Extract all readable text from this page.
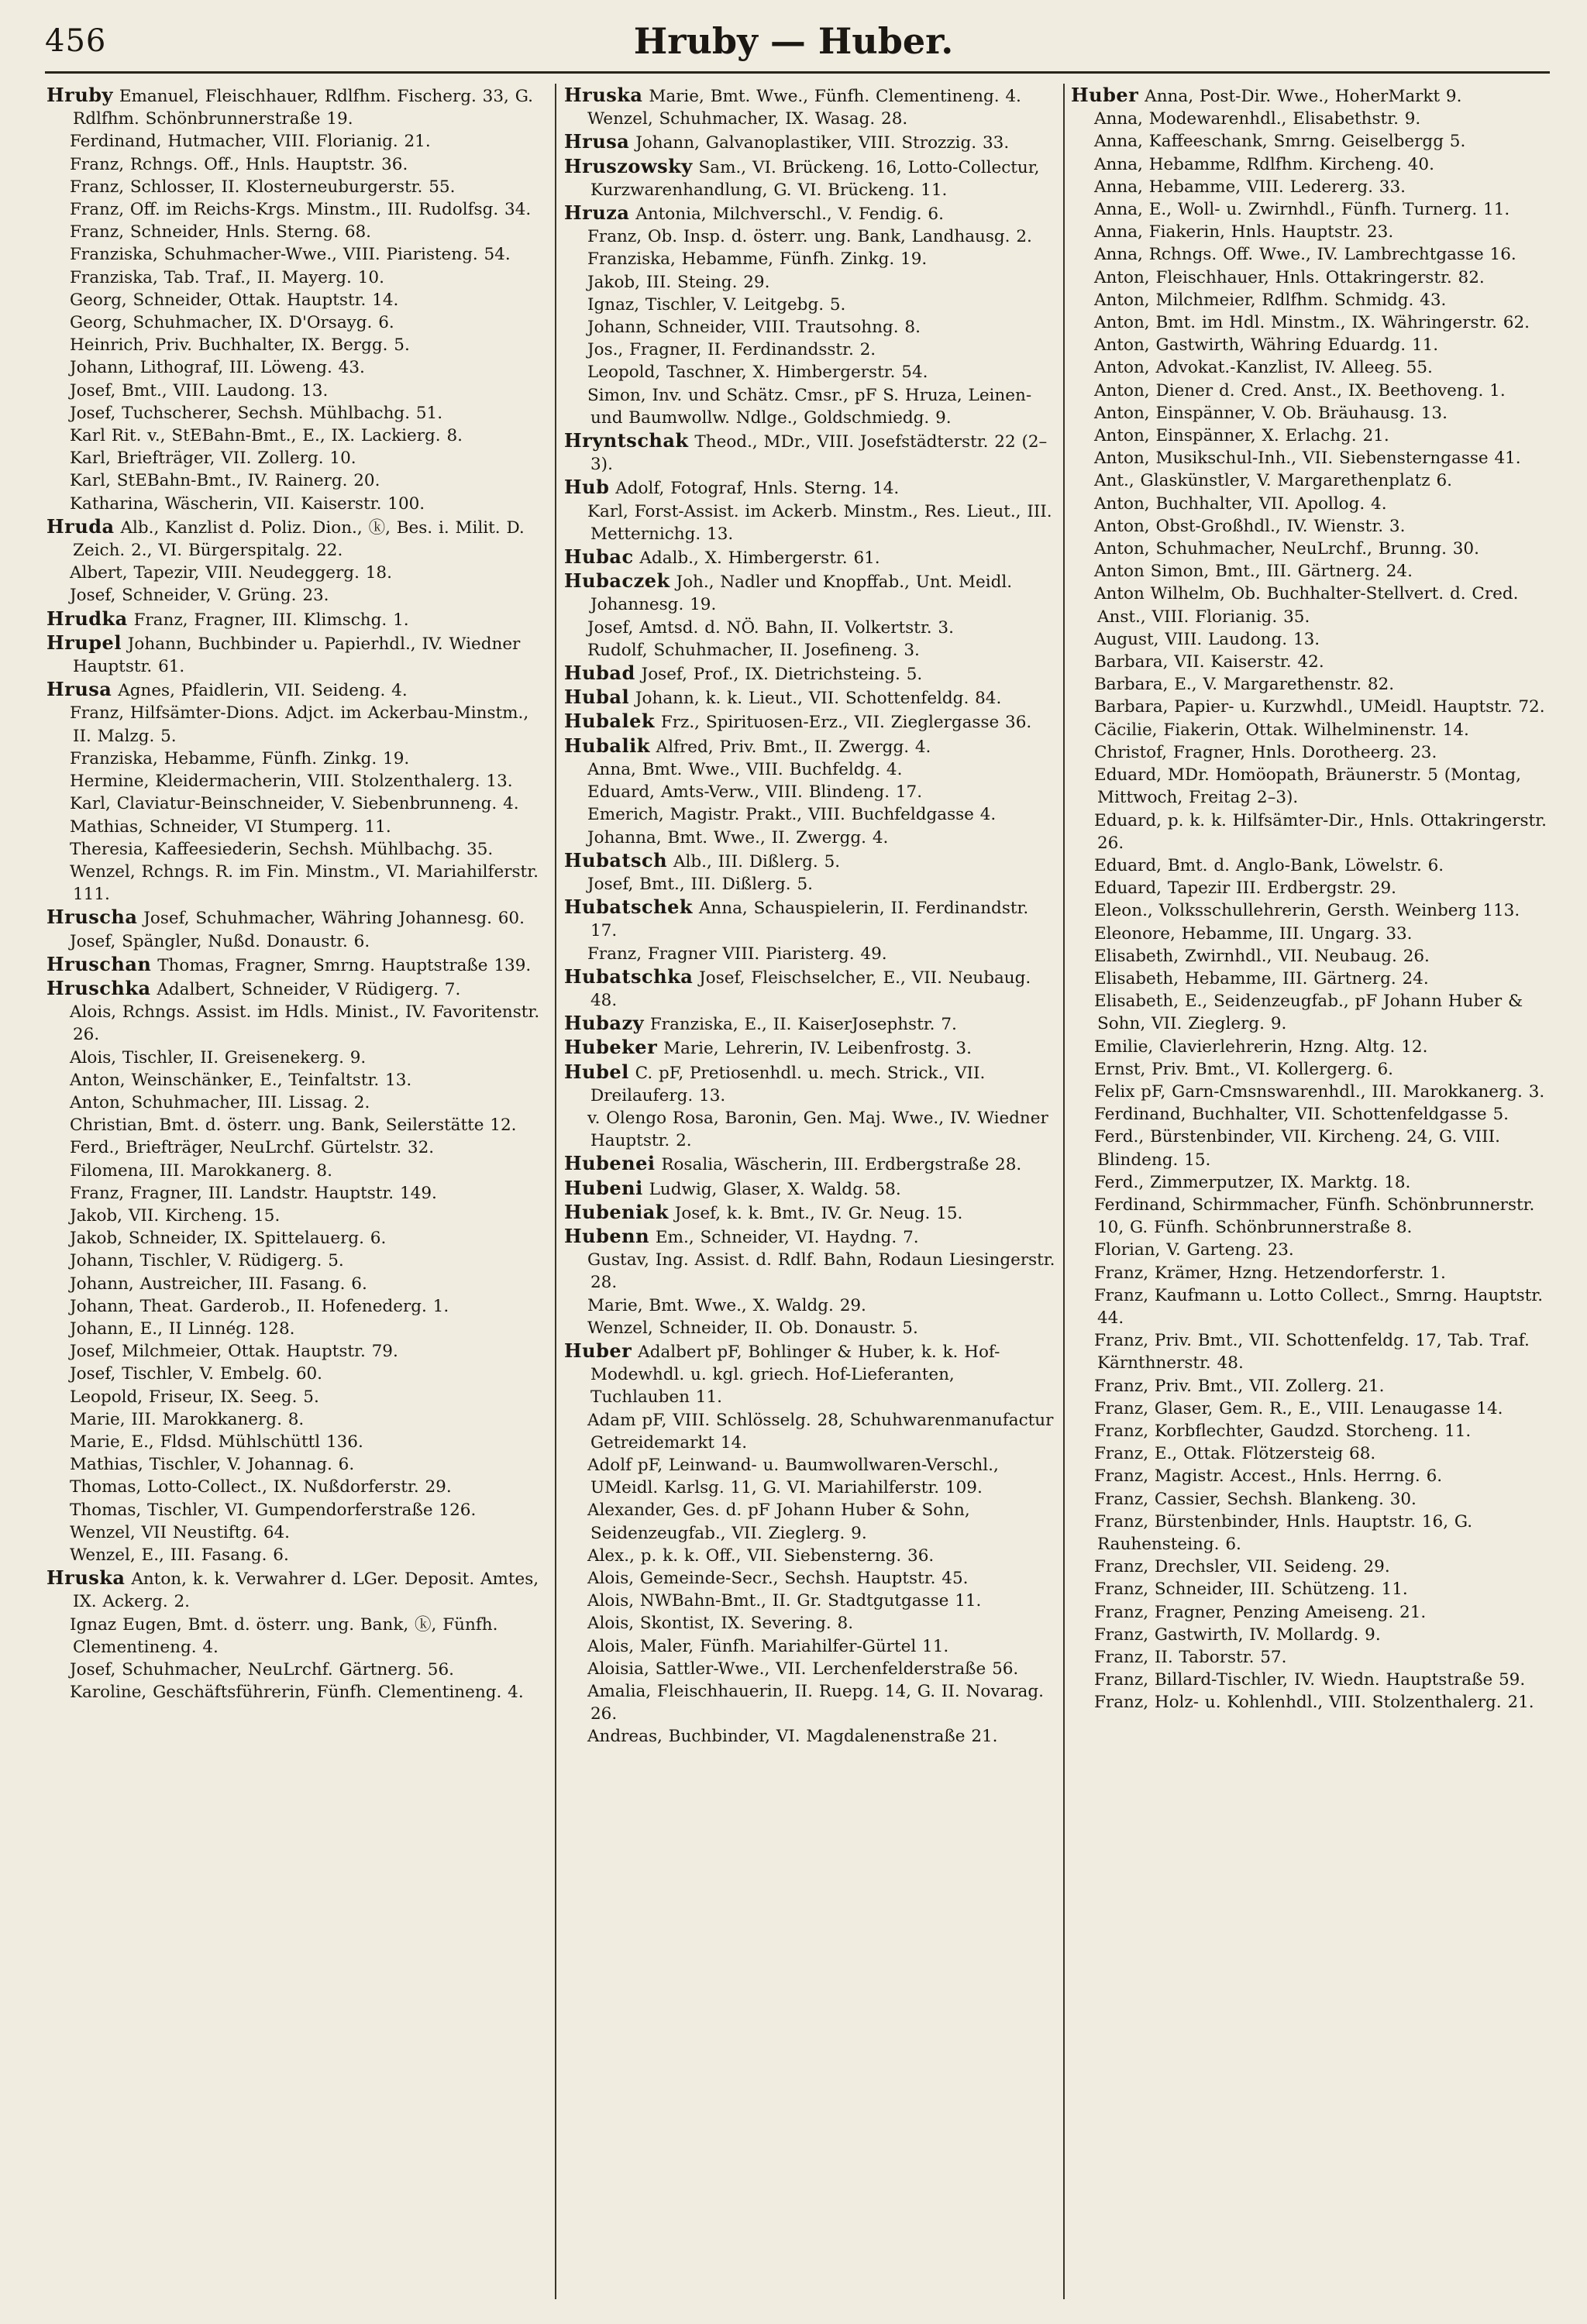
456	Hruby — Huber.

Hruby Emanuel, Fleischhauer, Rdlfhm. Fischerg. 33, G. Rdlfhm. Schönbrunnerstraße 19.

Ferdinand, Hutmacher, VIII. Florianig. 21.

Franz, Rchngs. Off., Hnls. Hauptstr. 36.

Franz, Schlosser, II. Klosterneuburgerstr. 55.

Franz, Off. im Reichs-Krgs. Minstm., III. Rudolfsg. 34.

Franz, Schneider, Hnls. Sterng. 68.

Franziska, Schuhmacher-Wwe., VIII. Piaristeng. 54.

Franziska, Tab. Traf., II. Mayerg. 10.

Georg, Schneider, Ottak. Hauptstr. 14.

Georg, Schuhmacher, IX. D'Orsayg. 6.

Heinrich, Priv. Buchhalter, IX. Bergg. 5.

Johann, Lithograf, III. Löweng. 43.

Josef, Bmt., VIII. Laudong. 13.

Josef, Tuchscherer, Sechsh. Mühlbachg. 51.

Karl Rit. v., StEBahn-Bmt., E., IX. Lackierg. 8.

Karl, Briefträger, VII. Zollerg. 10.

Karl, StEBahn-Bmt., IV. Rainerg. 20.

Katharina, Wäscherin, VII. Kaiserstr. 100.

Hruda Alb., Kanzlist d. Poliz. Dion., ⓚ, Bes. i. Milit. D. Zeich. 2., VI. Bürgerspitalg. 22.

Albert, Tapezir, VIII. Neudeggerg. 18.

Josef, Schneider, V. Grüng. 23.

Hrudka Franz, Fragner, III. Klimschg. 1.

Hrupel Johann, Buchbinder u. Papierhdl., IV. Wiedner Hauptstr. 61.

Hrusa Agnes, Pfaidlerin, VII. Seideng. 4.

Franz, Hilfsämter-Dions. Adjct. im Ackerbau-Minstm., II. Malzg. 5.

Franziska, Hebamme, Fünfh. Zinkg. 19.

Hermine, Kleidermacherin, VIII. Stolzenthalerg. 13.

Karl, Claviatur-Beinschneider, V. Siebenbrunneng. 4.

Mathias, Schneider, VI Stumperg. 11.

Theresia, Kaffeesiederin, Sechsh. Mühlbachg. 35.

Wenzel, Rchngs. R. im Fin. Minstm., VI. Mariahilferstr. 111.

Hruscha Josef, Schuhmacher, Währing Johannesg. 60.

Josef, Spängler, Nußd. Donaustr. 6.

Hruschan Thomas, Fragner, Smrng. Hauptstraße 139.

Hruschka Adalbert, Schneider, V Rüdigerg. 7.

Alois, Rchngs. Assist. im Hdls. Minist., IV. Favoritenstr. 26.

Alois, Tischler, II. Greisenekerg. 9.

Anton, Weinschänker, E., Teinfaltstr. 13.

Anton, Schuhmacher, III. Lissag. 2.

Christian, Bmt. d. österr. ung. Bank, Seilerstätte 12.

Ferd., Briefträger, NeuLrchf. Gürtelstr. 32.

Filomena, III. Marokkanerg. 8.

Franz, Fragner, III. Landstr. Hauptstr. 149.

Jakob, VII. Kircheng. 15.

Jakob, Schneider, IX. Spittelauerg. 6.

Johann, Tischler, V. Rüdigerg. 5.

Johann, Austreicher, III. Fasang. 6.

Johann, Theat. Garderob., II. Hofenederg. 1.

Johann, E., II Linnég. 128.

Josef, Milchmeier, Ottak. Hauptstr. 79.

Josef, Tischler, V. Embelg. 60.

Leopold, Friseur, IX. Seeg. 5.

Marie, III. Marokkanerg. 8.

Marie, E., Fldsd. Mühlschüttl 136.

Mathias, Tischler, V. Johannag. 6.

Thomas, Lotto-Collect., IX. Nußdorferstr. 29.

Thomas, Tischler, VI. Gumpendorferstraße 126.

Wenzel, VII Neustiftg. 64.

Wenzel, E., III. Fasang. 6.

Hruska Anton, k. k. Verwahrer d. LGer. Deposit. Amtes, IX. Ackerg. 2.

Ignaz Eugen, Bmt. d. österr. ung. Bank, ⓚ, Fünfh. Clementineng. 4.

Josef, Schuhmacher, NeuLrchf. Gärtnerg. 56.

Karoline, Geschäftsführerin, Fünfh. Clementineng. 4.

Hruska Marie, Bmt. Wwe., Fünfh. Clementineng. 4.

Wenzel, Schuhmacher, IX. Wasag. 28.

Hrusa Johann, Galvanoplastiker, VIII. Strozzig. 33.

Hruszowsky Sam., VI. Brückeng. 16, Lotto-Collectur, Kurzwarenhandlung, G. VI. Brückeng. 11.

Hruza Antonia, Milchverschl., V. Fendig. 6.

Franz, Ob. Insp. d. österr. ung. Bank, Landhausg. 2.

Franziska, Hebamme, Fünfh. Zinkg. 19.

Jakob, III. Steing. 29.

Ignaz, Tischler, V. Leitgebg. 5.

Johann, Schneider, VIII. Trautsohng. 8.

Jos., Fragner, II. Ferdinandsstr. 2.

Leopold, Taschner, X. Himbergerstr. 54.

Simon, Inv. und Schätz. Cmsr., pF S. Hruza, Leinen- und Baumwollw. Ndlge., Goldschmiedg. 9.

Hryntschak Theod., MDr., VIII. Josefstädterstr. 22 (2–3).

Hub Adolf, Fotograf, Hnls. Sterng. 14.

Karl, Forst-Assist. im Ackerb. Minstm., Res. Lieut., III. Metternichg. 13.

Hubac Adalb., X. Himbergerstr. 61.

Hubaczek Joh., Nadler und Knopffab., Unt. Meidl. Johannesg. 19.

Josef, Amtsd. d. NÖ. Bahn, II. Volkertstr. 3.

Rudolf, Schuhmacher, II. Josefineng. 3.

Hubad Josef, Prof., IX. Dietrichsteing. 5.

Hubal Johann, k. k. Lieut., VII. Schottenfeldg. 84.

Hubalek Frz., Spirituosen-Erz., VII. Zieglergasse 36.

Hubalik Alfred, Priv. Bmt., II. Zwergg. 4.

Anna, Bmt. Wwe., VIII. Buchfeldg. 4.

Eduard, Amts-Verw., VIII. Blindeng. 17.

Emerich, Magistr. Prakt., VIII. Buchfeldgasse 4.

Johanna, Bmt. Wwe., II. Zwergg. 4.

Hubatsch Alb., III. Dißlerg. 5.

Josef, Bmt., III. Dißlerg. 5.

Hubatschek Anna, Schauspielerin, II. Ferdinandstr. 17.

Franz, Fragner VIII. Piaristerg. 49.

Hubatschka Josef, Fleischselcher, E., VII. Neubaug. 48.

Hubazy Franziska, E., II. KaiserJosephstr. 7.

Hubeker Marie, Lehrerin, IV. Leibenfrostg. 3.

Hubel C. pF, Pretiosenhdl. u. mech. Strick., VII. Dreilauferg. 13.

v. Olengo Rosa, Baronin, Gen. Maj. Wwe., IV. Wiedner Hauptstr. 2.

Hubenei Rosalia, Wäscherin, III. Erdbergstraße 28.

Hubeni Ludwig, Glaser, X. Waldg. 58.

Hubeniak Josef, k. k. Bmt., IV. Gr. Neug. 15.

Hubenn Em., Schneider, VI. Haydng. 7.

Gustav, Ing. Assist. d. Rdlf. Bahn, Rodaun Liesingerstr. 28.

Marie, Bmt. Wwe., X. Waldg. 29.

Wenzel, Schneider, II. Ob. Donaustr. 5.

Huber Adalbert pF, Bohlinger & Huber, k. k. Hof-Modewhdl. u. kgl. griech. Hof-Lieferanten, Tuchlauben 11.

Adam pF, VIII. Schlösselg. 28, Schuhwarenmanufactur Getreidemarkt 14.

Adolf pF, Leinwand- u. Baumwollwaren-Verschl., UMeidl. Karlsg. 11, G. VI. Mariahilferstr. 109.

Alexander, Ges. d. pF Johann Huber & Sohn, Seidenzeugfab., VII. Zieglerg. 9.

Alex., p. k. k. Off., VII. Siebensterng. 36.

Alois, Gemeinde-Secr., Sechsh. Hauptstr. 45.

Alois, NWBahn-Bmt., II. Gr. Stadtgutgasse 11.

Alois, Skontist, IX. Severing. 8.

Alois, Maler, Fünfh. Mariahilfer-Gürtel 11.

Aloisia, Sattler-Wwe., VII. Lerchenfelderstraße 56.

Amalia, Fleischhauerin, II. Ruepg. 14, G. II. Novarag. 26.

Andreas, Buchbinder, VI. Magdalenenstraße 21.

Huber Anna, Post-Dir. Wwe., HoherMarkt 9.

Anna, Modewarenhdl., Elisabethstr. 9.

Anna, Kaffeeschank, Smrng. Geiselbergg 5.

Anna, Hebamme, Rdlfhm. Kircheng. 40.

Anna, Hebamme, VIII. Ledererg. 33.

Anna, E., Woll- u. Zwirnhdl., Fünfh. Turnerg. 11.

Anna, Fiakerin, Hnls. Hauptstr. 23.

Anna, Rchngs. Off. Wwe., IV. Lambrechtgasse 16.

Anton, Fleischhauer, Hnls. Ottakringerstr. 82.

Anton, Milchmeier, Rdlfhm. Schmidg. 43.

Anton, Bmt. im Hdl. Minstm., IX. Währingerstr. 62.

Anton, Gastwirth, Währing Eduardg. 11.

Anton, Advokat.-Kanzlist, IV. Alleeg. 55.

Anton, Diener d. Cred. Anst., IX. Beethoveng. 1.

Anton, Einspänner, V. Ob. Bräuhausg. 13.

Anton, Einspänner, X. Erlachg. 21.

Anton, Musikschul-Inh., VII. Siebensterngasse 41.

Ant., Glaskünstler, V. Margarethenplatz 6.

Anton, Buchhalter, VII. Apollog. 4.

Anton, Obst-Großhdl., IV. Wienstr. 3.

Anton, Schuhmacher, NeuLrchf., Brunng. 30.

Anton Simon, Bmt., III. Gärtnerg. 24.

Anton Wilhelm, Ob. Buchhalter-Stellvert. d. Cred. Anst., VIII. Florianig. 35.

August, VIII. Laudong. 13.

Barbara, VII. Kaiserstr. 42.

Barbara, E., V. Margarethenstr. 82.

Barbara, Papier- u. Kurzwhdl., UMeidl. Hauptstr. 72.

Cäcilie, Fiakerin, Ottak. Wilhelminenstr. 14.

Christof, Fragner, Hnls. Dorotheerg. 23.

Eduard, MDr. Homöopath, Bräunerstr. 5 (Montag, Mittwoch, Freitag 2–3).

Eduard, p. k. k. Hilfsämter-Dir., Hnls. Ottakringerstr. 26.

Eduard, Bmt. d. Anglo-Bank, Löwelstr. 6.

Eduard, Tapezir III. Erdbergstr. 29.

Eleon., Volksschullehrerin, Gersth. Weinberg 113.

Eleonore, Hebamme, III. Ungarg. 33.

Elisabeth, Zwirnhdl., VII. Neubaug. 26.

Elisabeth, Hebamme, III. Gärtnerg. 24.

Elisabeth, E., Seidenzeugfab., pF Johann Huber & Sohn, VII. Zieglerg. 9.

Emilie, Clavierlehrerin, Hzng. Altg. 12.

Ernst, Priv. Bmt., VI. Kollergerg. 6.

Felix pF, Garn-Cmsnswarenhdl., III. Marokkanerg. 3.

Ferdinand, Buchhalter, VII. Schottenfeldgasse 5.

Ferd., Bürstenbinder, VII. Kircheng. 24, G. VIII. Blindeng. 15.

Ferd., Zimmerputzer, IX. Marktg. 18.

Ferdinand, Schirmmacher, Fünfh. Schönbrunnerstr. 10, G. Fünfh. Schönbrunnerstraße 8.

Florian, V. Garteng. 23.

Franz, Krämer, Hzng. Hetzendorferstr. 1.

Franz, Kaufmann u. Lotto Collect., Smrng. Hauptstr. 44.

Franz, Priv. Bmt., VII. Schottenfeldg. 17, Tab. Traf. Kärnthnerstr. 48.

Franz, Priv. Bmt., VII. Zollerg. 21.

Franz, Glaser, Gem. R., E., VIII. Lenaugasse 14.

Franz, Korbflechter, Gaudzd. Storcheng. 11.

Franz, E., Ottak. Flötzersteig 68.

Franz, Magistr. Accest., Hnls. Herrng. 6.

Franz, Cassier, Sechsh. Blankeng. 30.

Franz, Bürstenbinder, Hnls. Hauptstr. 16, G. Rauhensteing. 6.

Franz, Drechsler, VII. Seideng. 29.

Franz, Schneider, III. Schützeng. 11.

Franz, Fragner, Penzing Ameiseng. 21.

Franz, Gastwirth, IV. Mollardg. 9.

Franz, II. Taborstr. 57.

Franz, Billard-Tischler, IV. Wiedn. Hauptstraße 59.

Franz, Holz- u. Kohlenhdl., VIII. Stolzenthalerg. 21.
